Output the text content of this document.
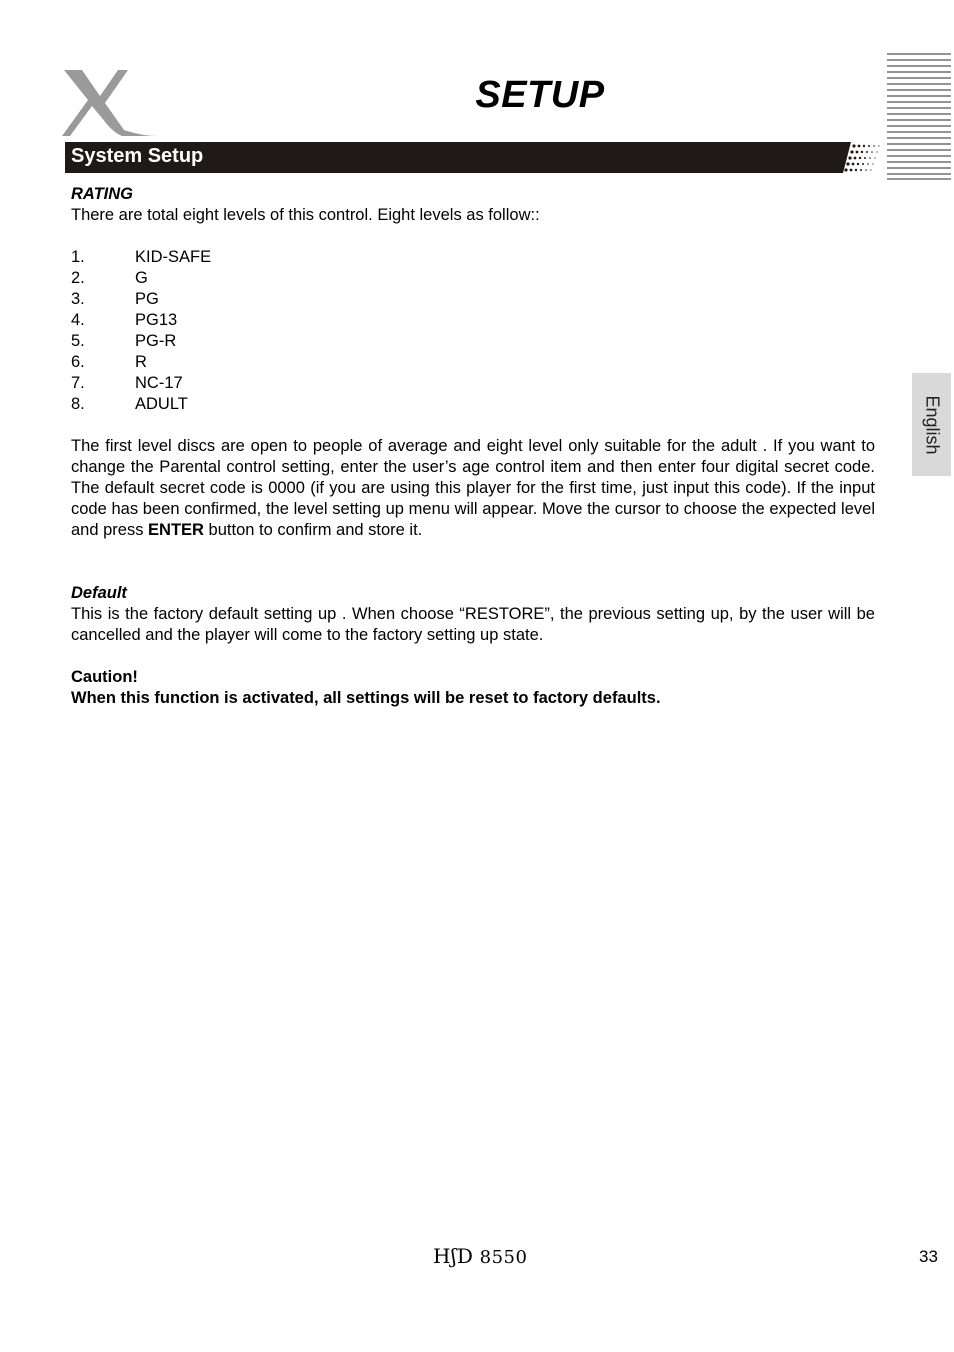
SETUP
System Setup
English

RATING

There are total eight levels of this control. Eight levels as follow::

1.	KID-SAFE
2.	G
3.	PG
4.	PG13
5.	PG-R
6.	R
7.	NC-17
8.	ADULT

The first level discs are open to people of average and eight level only suitable for the adult . If you want to change the Parental control setting, enter the user’s age control item and then enter four digital secret code. The default secret code is 0000 (if you are using this player for the first time, just input this code). If the input code has been confirmed, the level setting up menu will appear. Move the cursor to choose the expected level and press ENTER button to confirm and store it.

Default

This is the factory default setting up . When choose “RESTORE”, the previous setting up, by the user will be cancelled and the player will come to the factory setting up state.

Caution!

When this function is activated, all settings will be reset to factory defaults.

HʃD 8550	33
